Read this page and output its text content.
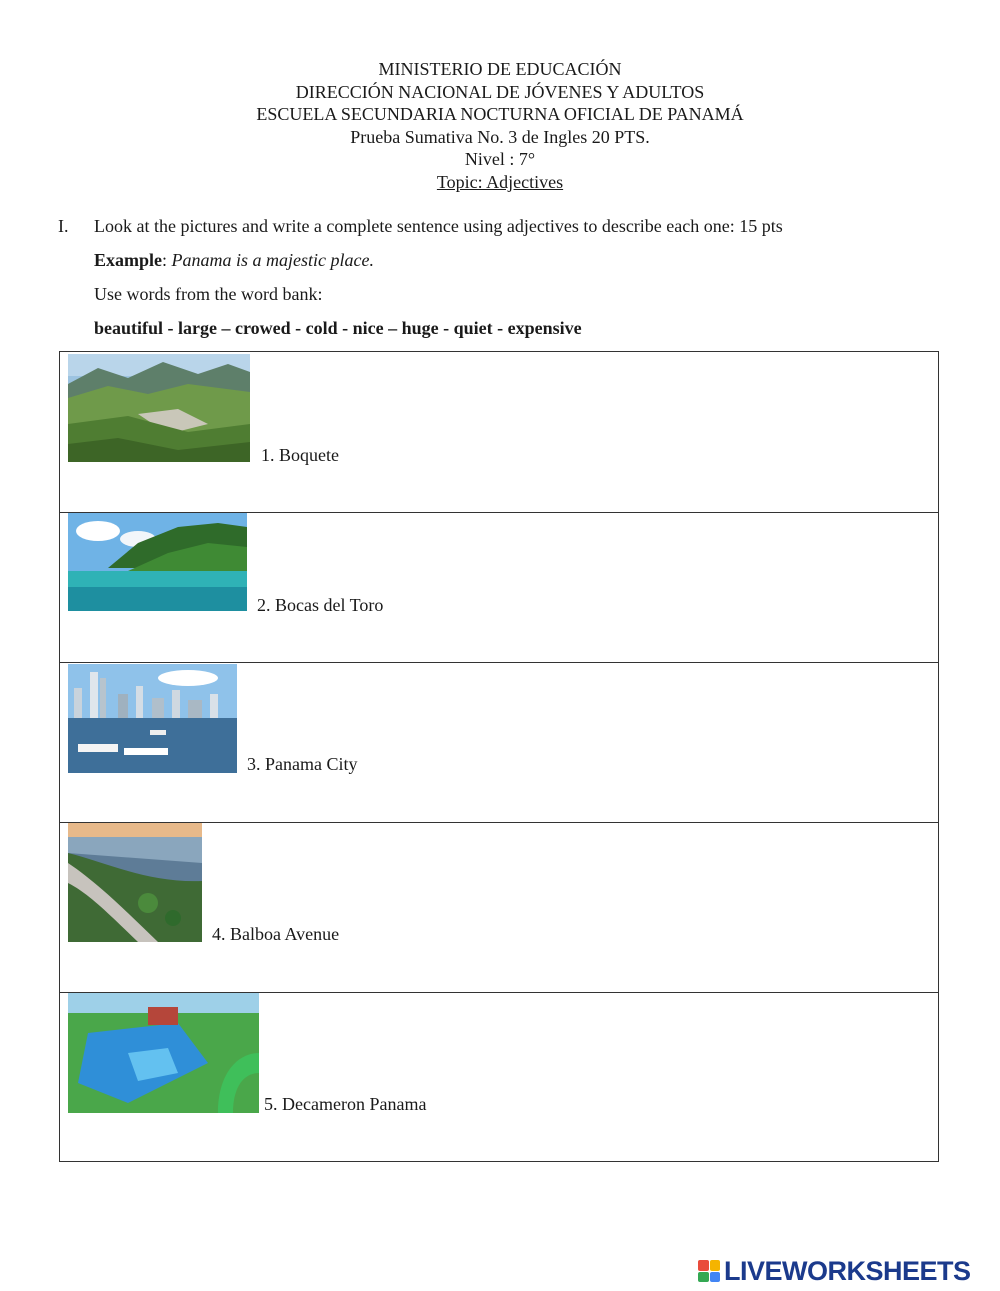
MINISTERIO DE EDUCACIÓN
DIRECCIÓN NACIONAL DE JÓVENES Y ADULTOS
ESCUELA SECUNDARIA NOCTURNA OFICIAL DE PANAMÁ
Prueba Sumativa No. 3 de Ingles 20 PTS.
Nivel : 7°
Topic: Adjectives
I. Look at the pictures and write a complete sentence using adjectives to describe each one: 15 pts
Example: Panama is a majestic place.
Use words from the word bank:
beautiful - large – crowed - cold - nice – huge - quiet - expensive
1. Boquete
2. Bocas del Toro
3. Panama City
4. Balboa Avenue
5. Decameron Panama
LIVEWORKSHEETS
